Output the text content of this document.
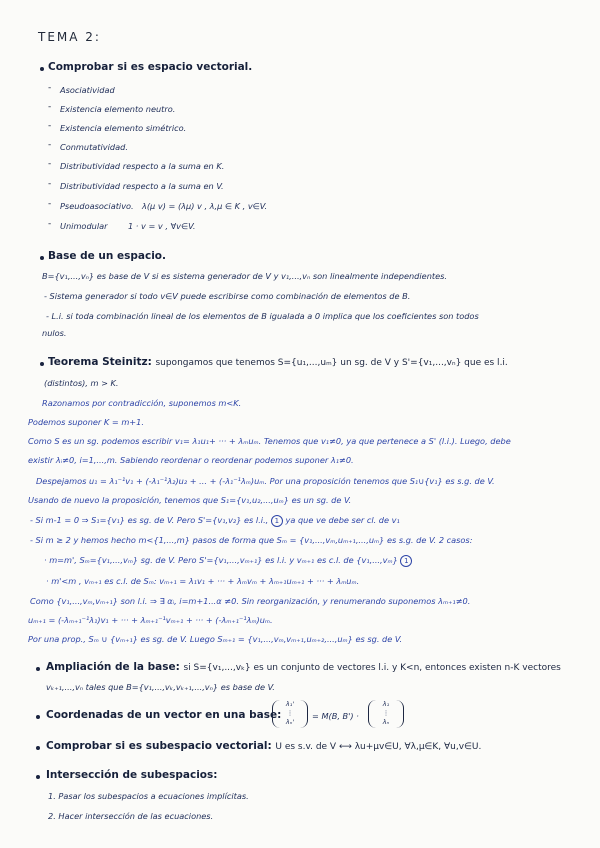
TEMA 2:
Comprobar si es espacio vectorial.
- Asociatividad
- Existencia elemento neutro.
- Existencia elemento simétrico.
- Conmutatividad.
- Distributividad respecto a la suma en K.
- Distributividad respecto a la suma en V.
- Pseudoasociativo. λ(μ v) = (λμ) v , λ,μ ∈ K , v∈V.
- Unimodular	1 · v = v , ∀v∈V.
Base de un espacio.
B={v₁,...,vₙ} es base de V si es sistema generador de V y v₁,...,vₙ son linealmente independientes.
- Sistema generador si todo v∈V puede escribirse como combinación de elementos de B.
- L.i. si toda combinación lineal de los elementos de B igualada a 0 implica que los coeficientes son todos
nulos.
Teorema Steinitz: supongamos que tenemos S={u₁,...,uₘ} un sg. de V y S'={v₁,...,vₙ} que es l.i.
(distintos), m > K.
Razonamos por contradicción, suponemos m<K.
Podemos suponer K = m+1.
Como S es un sg. podemos escribir v₁= λ₁u₁+ ··· + λₘuₘ. Tenemos que v₁≠0, ya que pertenece a S' (l.i.). Luego, debe
existir λᵢ≠0, i=1,...,m. Sabiendo reordenar o reordenar podemos suponer λ₁≠0.
Despejamos u₁ = λ₁⁻¹v₁ + (-λ₁⁻¹λ₂)u₂ + ... + (-λ₁⁻¹λₘ)uₘ. Por una proposición tenemos que S₁∪{v₁} es s.g. de V.
Usando de nuevo la proposición, tenemos que S₁={v₁,u₂,...,uₘ} es un sg. de V.
- Si m-1 = 0 ⇒ S₁={v₁} es sg. de V. Pero S'={v₁,v₂} es l.i., 1 ya que ve debe ser cl. de v₁
- Si m ≥ 2 y hemos hecho m<{1,...,m} pasos de forma que Sₘ = {v₁,...,vₘ,uₘ₊₁,...,uₘ} es s.g. de V. 2 casos:
· m=m', Sₘ={v₁,...,vₘ} sg. de V. Pero S'={v₁,...,vₘ₊₁} es l.i. y vₘ₊₁ es c.l. de {v₁,...,vₘ} 1
· m'<m , vₘ₊₁ es c.l. de Sₘ: vₘ₊₁ = λ₁v₁ + ··· + λₘvₘ + λₘ₊₁uₘ₊₁ + ··· + λₘuₘ.
Como {v₁,...,vₘ,vₘ₊₁} son l.i. ⇒ ∃ αᵢ, i=m+1...α ≠0. Sin reorganización, y renumerando suponemos λₘ₊₁≠0.
uₘ₊₁ = (-λₘ₊₁⁻¹λ₁)v₁ + ··· + λₘ₊₁⁻¹vₘ₊₁ + ··· + (-λₘ₊₁⁻¹λₘ)uₘ.
Por una prop., Sₘ ∪ {vₘ₊₁} es sg. de V. Luego Sₘ₊₁ = {v₁,...,vₘ,vₘ₊₁,uₘ₊₂,...,uₘ} es sg. de V.
Ampliación de la base: si S={v₁,...,vₖ} es un conjunto de vectores l.i. y K<n, entonces existen n-K vectores
vₖ₊₁,...,vₙ tales que B={v₁,...,vₖ,vₖ₊₁,...,vₙ} es base de V.
Coordenadas de un vector en una base:
λ₁'
⋮
λₙ'
= M(B, B') ·
λ₁
⋮
λₙ
Comprobar si es subespacio vectorial: U es s.v. de V ⟷ λu+μv∈U, ∀λ,μ∈K, ∀u,v∈U.
Intersección de subespacios:
1. Pasar los subespacios a ecuaciones implícitas.
2. Hacer intersección de las ecuaciones.
